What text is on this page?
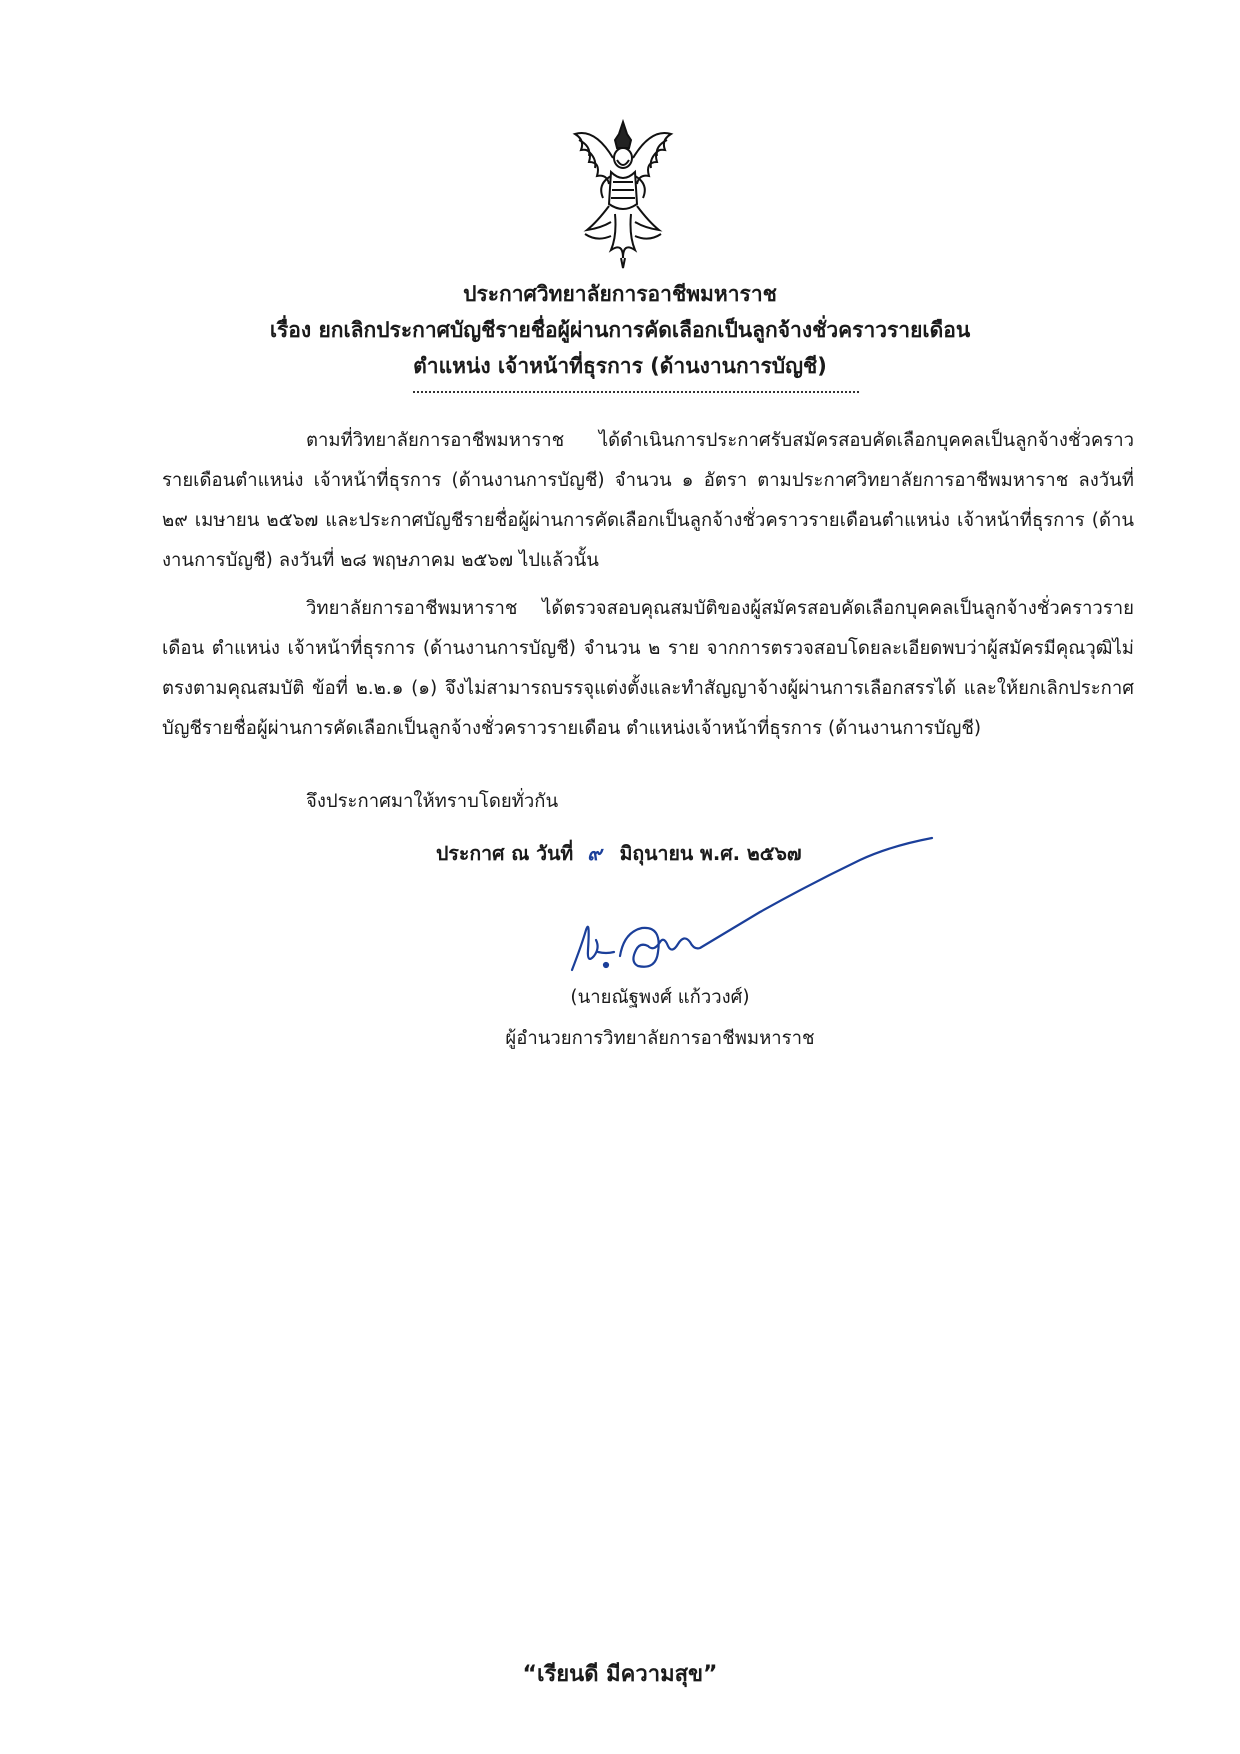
ประกาศวิทยาลัยการอาชีพมหาราช
เรื่อง ยกเลิกประกาศบัญชีรายชื่อผู้ผ่านการคัดเลือกเป็นลูกจ้างชั่วคราวรายเดือน
ตำแหน่ง เจ้าหน้าที่ธุรการ (ด้านงานการบัญชี)

ตามที่วิทยาลัยการอาชีพมหาราช ได้ดำเนินการประกาศรับสมัครสอบคัดเลือกบุคคลเป็นลูกจ้างชั่วคราวรายเดือนตำแหน่ง เจ้าหน้าที่ธุรการ (ด้านงานการบัญชี) จำนวน ๑ อัตรา ตามประกาศวิทยาลัยการอาชีพมหาราช ลงวันที่ ๒๙ เมษายน ๒๕๖๗ และประกาศบัญชีรายชื่อผู้ผ่านการคัดเลือกเป็นลูกจ้างชั่วคราวรายเดือนตำแหน่ง เจ้าหน้าที่ธุรการ (ด้านงานการบัญชี) ลงวันที่ ๒๘ พฤษภาคม ๒๕๖๗ ไปแล้วนั้น

วิทยาลัยการอาชีพมหาราช ได้ตรวจสอบคุณสมบัติของผู้สมัครสอบคัดเลือกบุคคลเป็นลูกจ้างชั่วคราวรายเดือน ตำแหน่ง เจ้าหน้าที่ธุรการ (ด้านงานการบัญชี) จำนวน ๒ ราย จากการตรวจสอบโดยละเอียดพบว่าผู้สมัครมีคุณวุฒิไม่ตรงตามคุณสมบัติ ข้อที่ ๒.๒.๑ (๑) จึงไม่สามารถบรรจุแต่งตั้งและทำสัญญาจ้างผู้ผ่านการเลือกสรรได้ และให้ยกเลิกประกาศบัญชีรายชื่อผู้ผ่านการคัดเลือกเป็นลูกจ้างชั่วคราวรายเดือน ตำแหน่งเจ้าหน้าที่ธุรการ (ด้านงานการบัญชี)

จึงประกาศมาให้ทราบโดยทั่วกัน

ประกาศ ณ วันที่ ๙ มิถุนายน พ.ศ. ๒๕๖๗
(นายณัฐพงศ์ แก้ววงศ์)
ผู้อำนวยการวิทยาลัยการอาชีพมหาราช
“เรียนดี มีความสุข”
